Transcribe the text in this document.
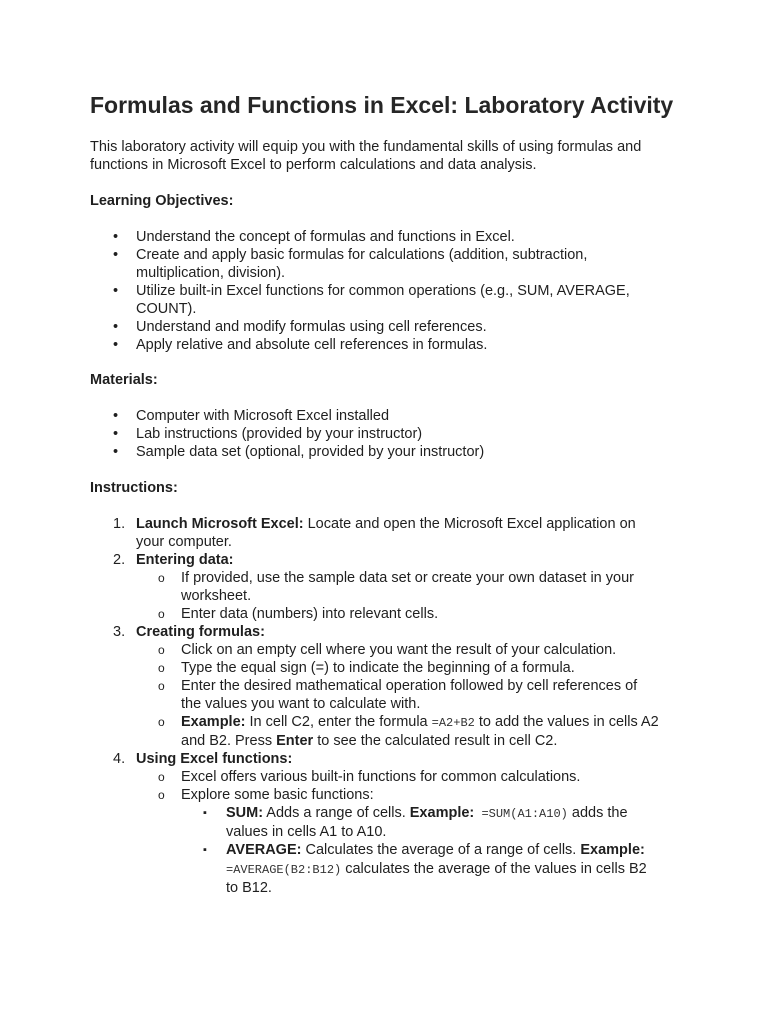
Formulas and Functions in Excel: Laboratory Activity

This laboratory activity will equip you with the fundamental skills of using formulas and functions in Microsoft Excel to perform calculations and data analysis.

Learning Objectives:

• Understand the concept of formulas and functions in Excel.
• Create and apply basic formulas for calculations (addition, subtraction, multiplication, division).
• Utilize built-in Excel functions for common operations (e.g., SUM, AVERAGE, COUNT).
• Understand and modify formulas using cell references.
• Apply relative and absolute cell references in formulas.

Materials:

• Computer with Microsoft Excel installed
• Lab instructions (provided by your instructor)
• Sample data set (optional, provided by your instructor)

Instructions:

1. Launch Microsoft Excel: Locate and open the Microsoft Excel application on your computer.
2. Entering data:
o If provided, use the sample data set or create your own dataset in your worksheet.
o Enter data (numbers) into relevant cells.
3. Creating formulas:
o Click on an empty cell where you want the result of your calculation.
o Type the equal sign (=) to indicate the beginning of a formula.
o Enter the desired mathematical operation followed by cell references of the values you want to calculate with.
o Example: In cell C2, enter the formula =A2+B2 to add the values in cells A2 and B2. Press Enter to see the calculated result in cell C2.
4. Using Excel functions:
o Excel offers various built-in functions for common calculations.
o Explore some basic functions:
▪ SUM: Adds a range of cells. Example: =SUM(A1:A10) adds the values in cells A1 to A10.
▪ AVERAGE: Calculates the average of a range of cells. Example: =AVERAGE(B2:B12) calculates the average of the values in cells B2 to B12.
